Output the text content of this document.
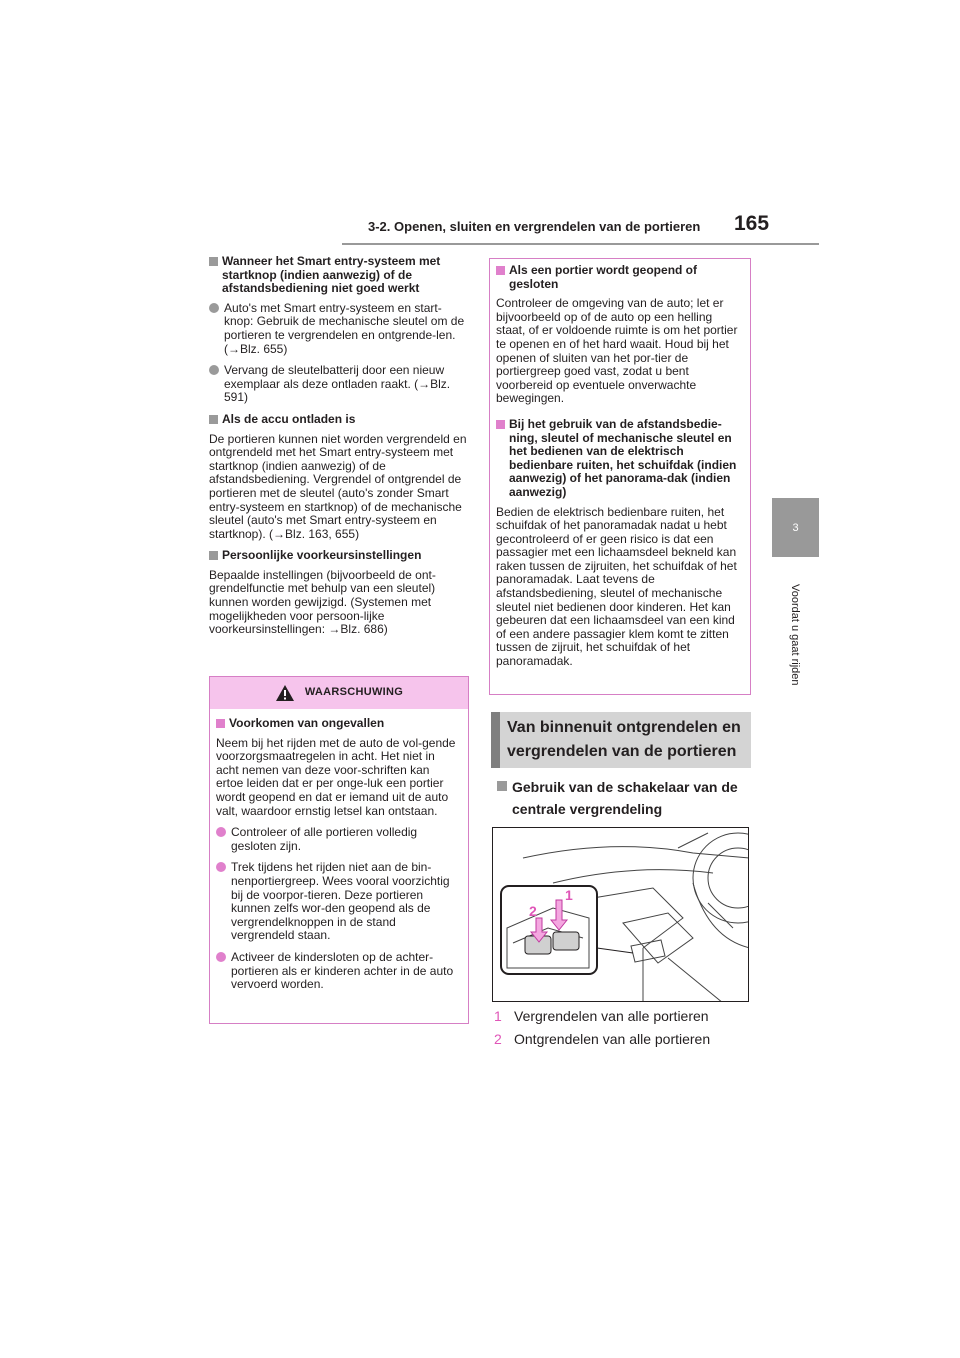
3-2. Openen, sluiten en vergrendelen van de portieren 165
3
Voordat u gaat rijden
Wanneer het Smart entry-systeem met startknop (indien aanwezig) of de afstandsbediening niet goed werkt
Auto's met Smart entry-systeem en start-knop: Gebruik de mechanische sleutel om de portieren te vergrendelen en ontgrende-len. (→Blz. 655)
Vervang de sleutelbatterij door een nieuw exemplaar als deze ontladen raakt. (→Blz. 591)
Als de accu ontladen is
De portieren kunnen niet worden vergrendeld en ontgrendeld met het Smart entry-systeem met startknop (indien aanwezig) of de afstandsbediening. Vergrendel of ontgrendel de portieren met de sleutel (auto's zonder Smart entry-systeem en startknop) of de mechanische sleutel (auto's met Smart entry-systeem en startknop). (→Blz. 163, 655)
Persoonlijke voorkeursinstellingen
Bepaalde instellingen (bijvoorbeeld de ont-grendelfunctie met behulp van een sleutel) kunnen worden gewijzigd. (Systemen met mogelijkheden voor persoon-lijke voorkeursinstellingen: →Blz. 686)
WAARSCHUWING
Voorkomen van ongevallen
Neem bij het rijden met de auto de vol-gende voorzorgsmaatregelen in acht. Het niet in acht nemen van deze voor-schriften kan ertoe leiden dat er per onge-luk een portier wordt geopend en dat er iemand uit de auto valt, waardoor ernstig letsel kan ontstaan.
Controleer of alle portieren volledig gesloten zijn.
Trek tijdens het rijden niet aan de bin-nenportiergreep. Wees vooral voorzichtig bij de voorpor-tieren. Deze portieren kunnen zelfs wor-den geopend als de vergrendelknoppen in de stand vergrendeld staan.
Activeer de kindersloten op de achter-portieren als er kinderen achter in de auto vervoerd worden.
Als een portier wordt geopend of gesloten
Controleer de omgeving van de auto; let er bijvoorbeeld op of de auto op een helling staat, of er voldoende ruimte is om het portier te openen en of het hard waait. Houd bij het openen of sluiten van het por-tier de portiergreep goed vast, zodat u bent voorbereid op eventuele onverwachte bewegingen.
Bij het gebruik van de afstandsbedie-ning, sleutel of mechanische sleutel en het bedienen van de elektrisch bedienbare ruiten, het schuifdak (indien aanwezig) of het panorama-dak (indien aanwezig)
Bedien de elektrisch bedienbare ruiten, het schuifdak of het panoramadak nadat u hebt gecontroleerd of er geen risico is dat een passagier met een lichaamsdeel bekneld kan raken tussen de zijruiten, het schuifdak of het panoramadak. Laat tevens de afstandsbediening, sleutel of mechanische sleutel niet bedienen door kinderen. Het kan gebeuren dat een lichaamsdeel van een kind of een andere passagier klem komt te zitten tussen de zijruit, het schuifdak of het panoramadak.
Van binnenuit ontgrendelen en vergrendelen van de portieren
Gebruik van de schakelaar van de centrale vergrendeling
2
1
1 Vergrendelen van alle portieren
2 Ontgrendelen van alle portieren
